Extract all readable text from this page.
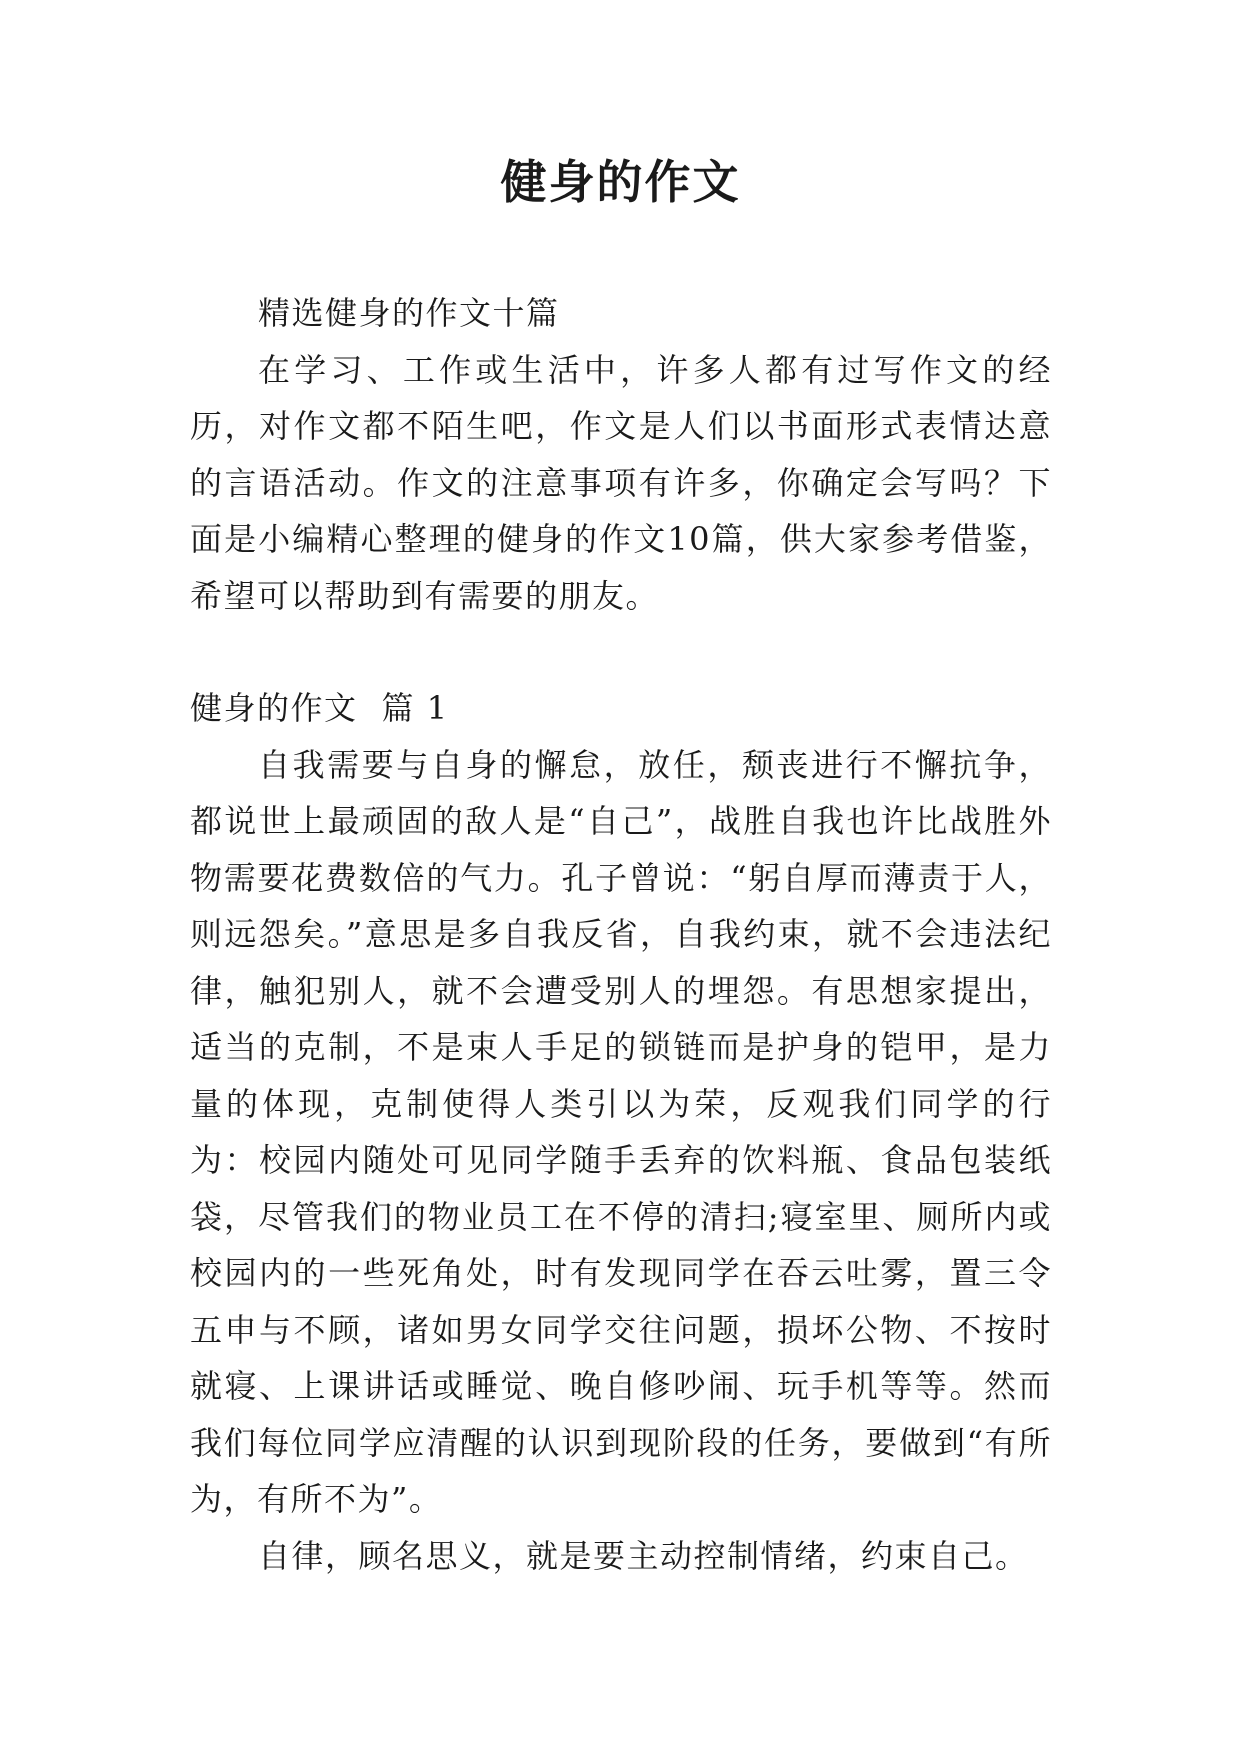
健身的作文

精选健身的作文十篇

在学习、工作或生活中，许多人都有过写作文的经历，对作文都不陌生吧，作文是人们以书面形式表情达意的言语活动。作文的注意事项有许多，你确定会写吗？下面是小编精心整理的健身的作文10篇，供大家参考借鉴，希望可以帮助到有需要的朋友。

健身的作文 篇 1

自我需要与自身的懈怠，放任，颓丧进行不懈抗争，都说世上最顽固的敌人是“自己”，战胜自我也许比战胜外物需要花费数倍的气力。孔子曾说：“躬自厚而薄责于人，则远怨矣。”意思是多自我反省，自我约束，就不会违法纪律，触犯别人，就不会遭受别人的埋怨。有思想家提出，适当的克制，不是束人手足的锁链而是护身的铠甲，是力量的体现，克制使得人类引以为荣，反观我们同学的行为：校园内随处可见同学随手丢弃的饮料瓶、食品包装纸袋，尽管我们的物业员工在不停的清扫;寝室里、厕所内或校园内的一些死角处，时有发现同学在吞云吐雾，置三令五申与不顾，诸如男女同学交往问题，损坏公物、不按时就寝、上课讲话或睡觉、晚自修吵闹、玩手机等等。然而我们每位同学应清醒的认识到现阶段的任务，要做到“有所为，有所不为”。

自律，顾名思义，就是要主动控制情绪，约束自己。
